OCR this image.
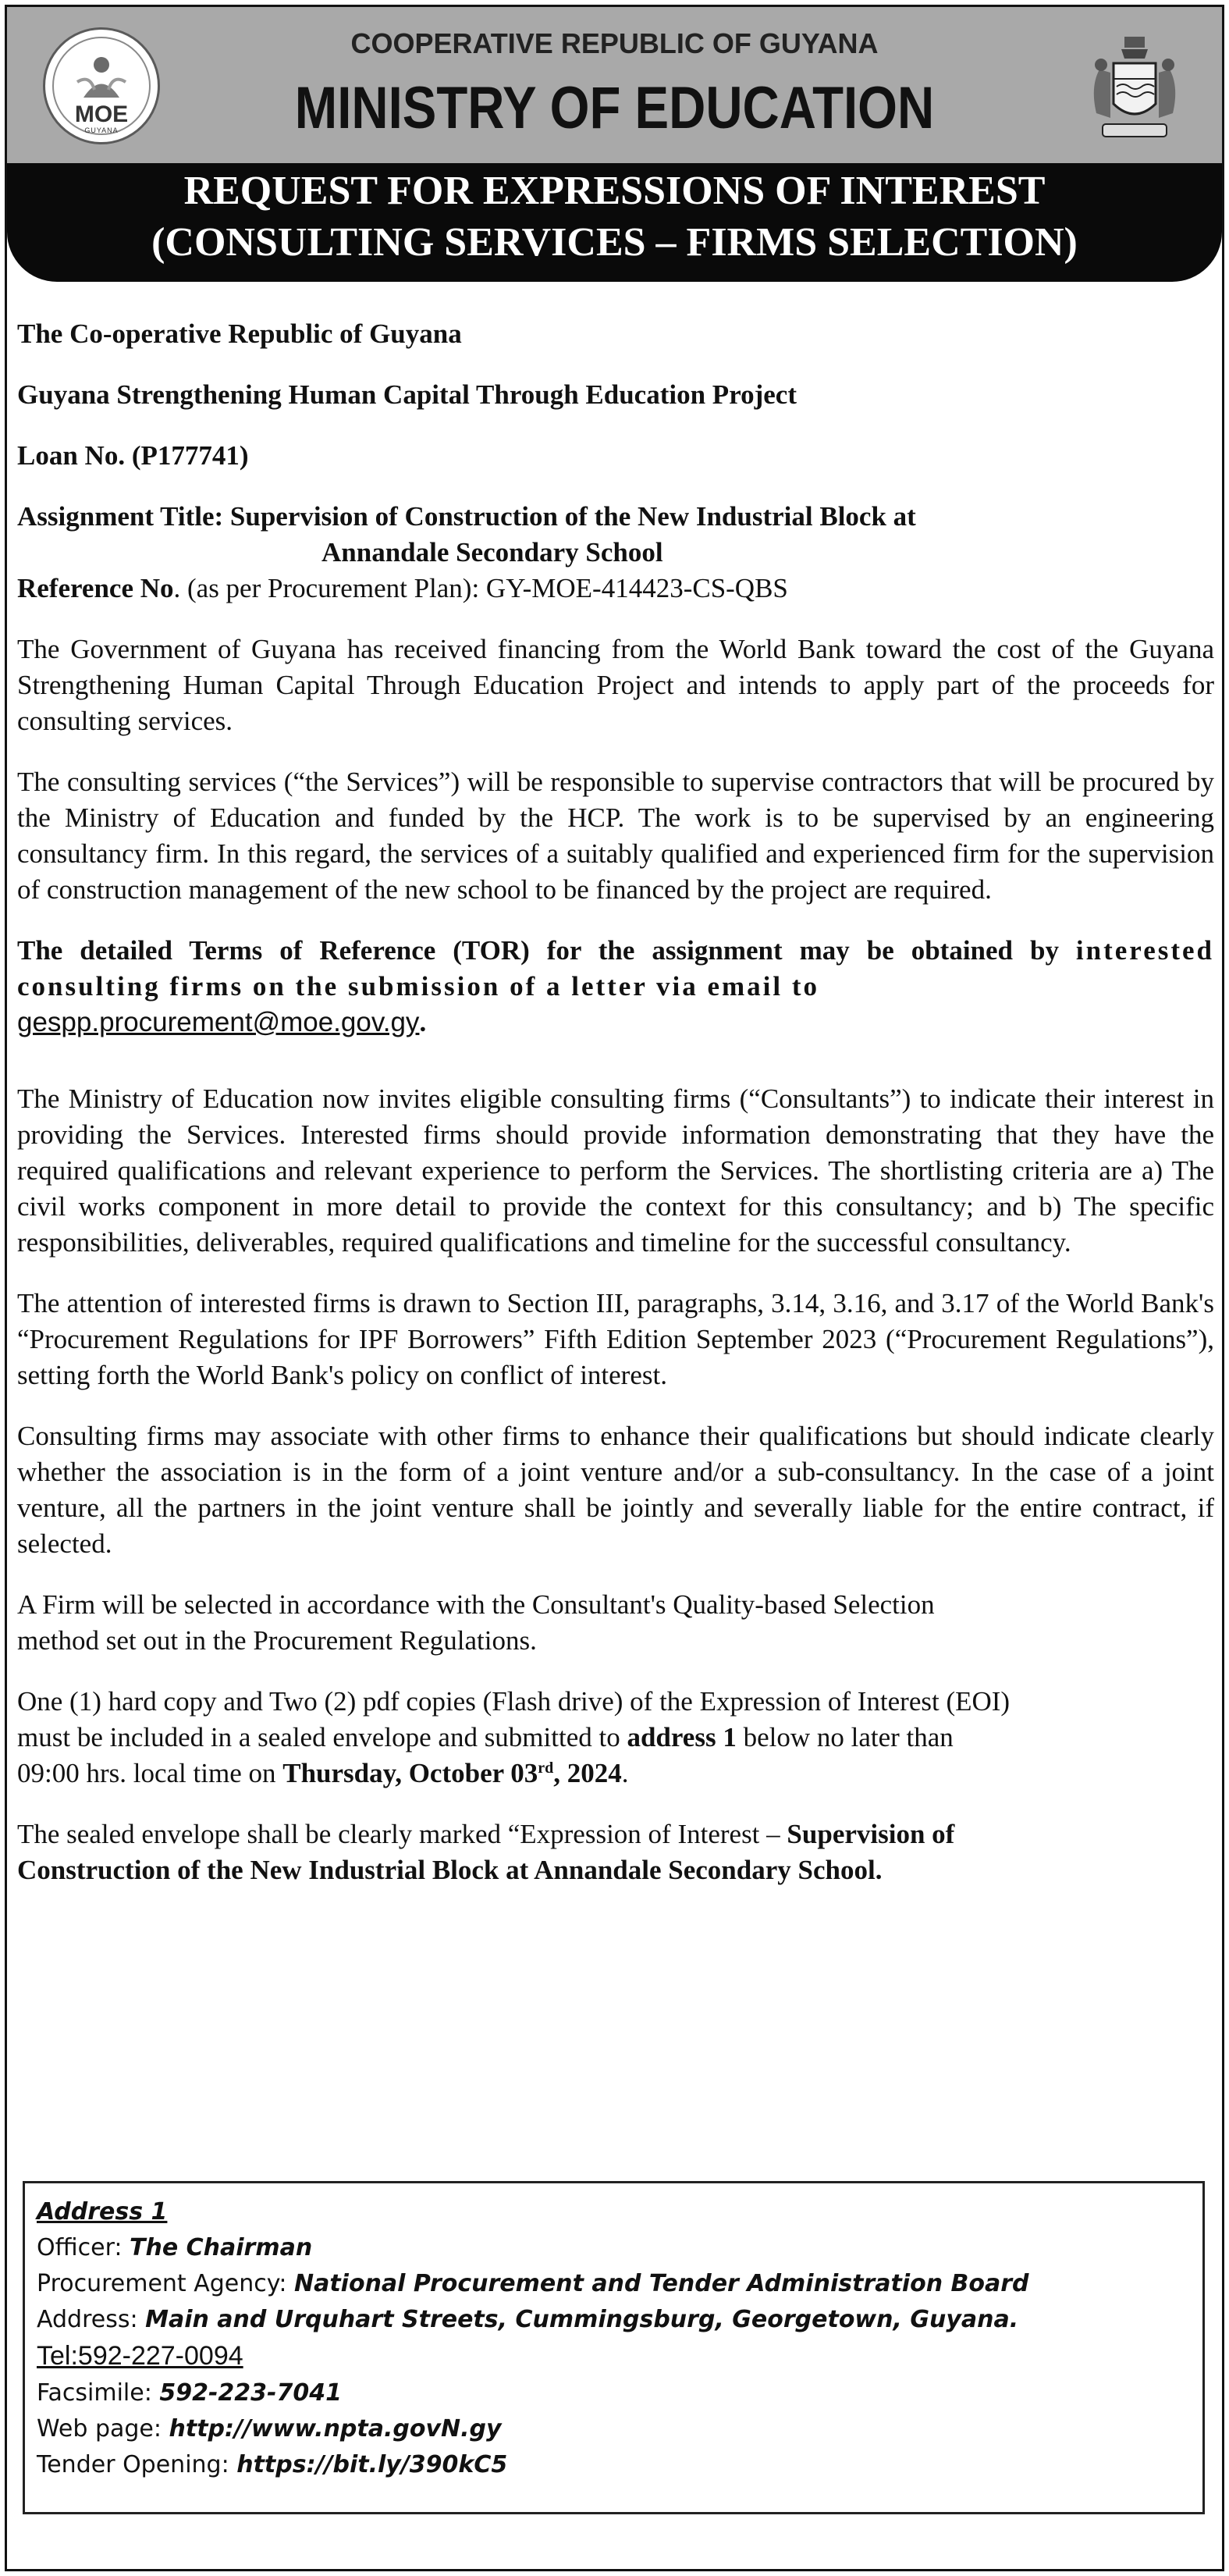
MOE
GUYANA
COOPERATIVE REPUBLIC OF GUYANA
MINISTRY OF EDUCATION
REQUEST FOR EXPRESSIONS OF INTEREST
(CONSULTING SERVICES – FIRMS SELECTION)
The Co-operative Republic of Guyana
Guyana Strengthening Human Capital Through Education Project
Loan No. (P177741)
Assignment Title: Supervision of Construction of the New Industrial Block at
Annandale Secondary School
Reference No. (as per Procurement Plan): GY-MOE-414423-CS-QBS

The Government of Guyana has received financing from the World Bank toward the cost of the Guyana Strengthening Human Capital Through Education Project and intends to apply part of the proceeds for consulting services.

The consulting services (“the Services”) will be responsible to supervise contractors that will be procured by the Ministry of Education and funded by the HCP. The work is to be supervised by an engineering consultancy firm. In this regard, the services of a suitably qualified and experienced firm for the supervision of construction management of the new school to be financed by the project are required.

The detailed Terms of Reference (TOR) for the assignment may be obtained by interested consulting firms on the submission of a letter via email to
gespp.procurement@moe.gov.gy.

The Ministry of Education now invites eligible consulting firms (“Consultants”) to indicate their interest in providing the Services. Interested firms should provide information demonstrating that they have the required qualifications and relevant experience to perform the Services. The shortlisting criteria are a) The civil works component in more detail to provide the context for this consultancy; and b) The specific responsibilities, deliverables, required qualifications and timeline for the successful consultancy.

The attention of interested firms is drawn to Section III, paragraphs, 3.14, 3.16, and 3.17 of the World Bank's “Procurement Regulations for IPF Borrowers” Fifth Edition September 2023 (“Procurement Regulations”), setting forth the World Bank's policy on conflict of interest.

Consulting firms may associate with other firms to enhance their qualifications but should indicate clearly whether the association is in the form of a joint venture and/or a sub-consultancy. In the case of a joint venture, all the partners in the joint venture shall be jointly and severally liable for the entire contract, if selected.

A Firm will be selected in accordance with the Consultant's Quality-based Selection
method set out in the Procurement Regulations.

One (1) hard copy and Two (2) pdf copies (Flash drive) of the Expression of Interest (EOI)
must be included in a sealed envelope and submitted to address 1 below no later than
09:00 hrs. local time on Thursday, October 03rd, 2024.

The sealed envelope shall be clearly marked “Expression of Interest – Supervision of
Construction of the New Industrial Block at Annandale Secondary School.

Address 1
Officer: The Chairman
Procurement Agency: National Procurement and Tender Administration Board
Address: Main and Urquhart Streets, Cummingsburg, Georgetown, Guyana.
Tel:592-227-0094
Facsimile: 592-223-7041
Web page: http://www.npta.govN.gy
Tender Opening: https://bit.ly/390kC5
